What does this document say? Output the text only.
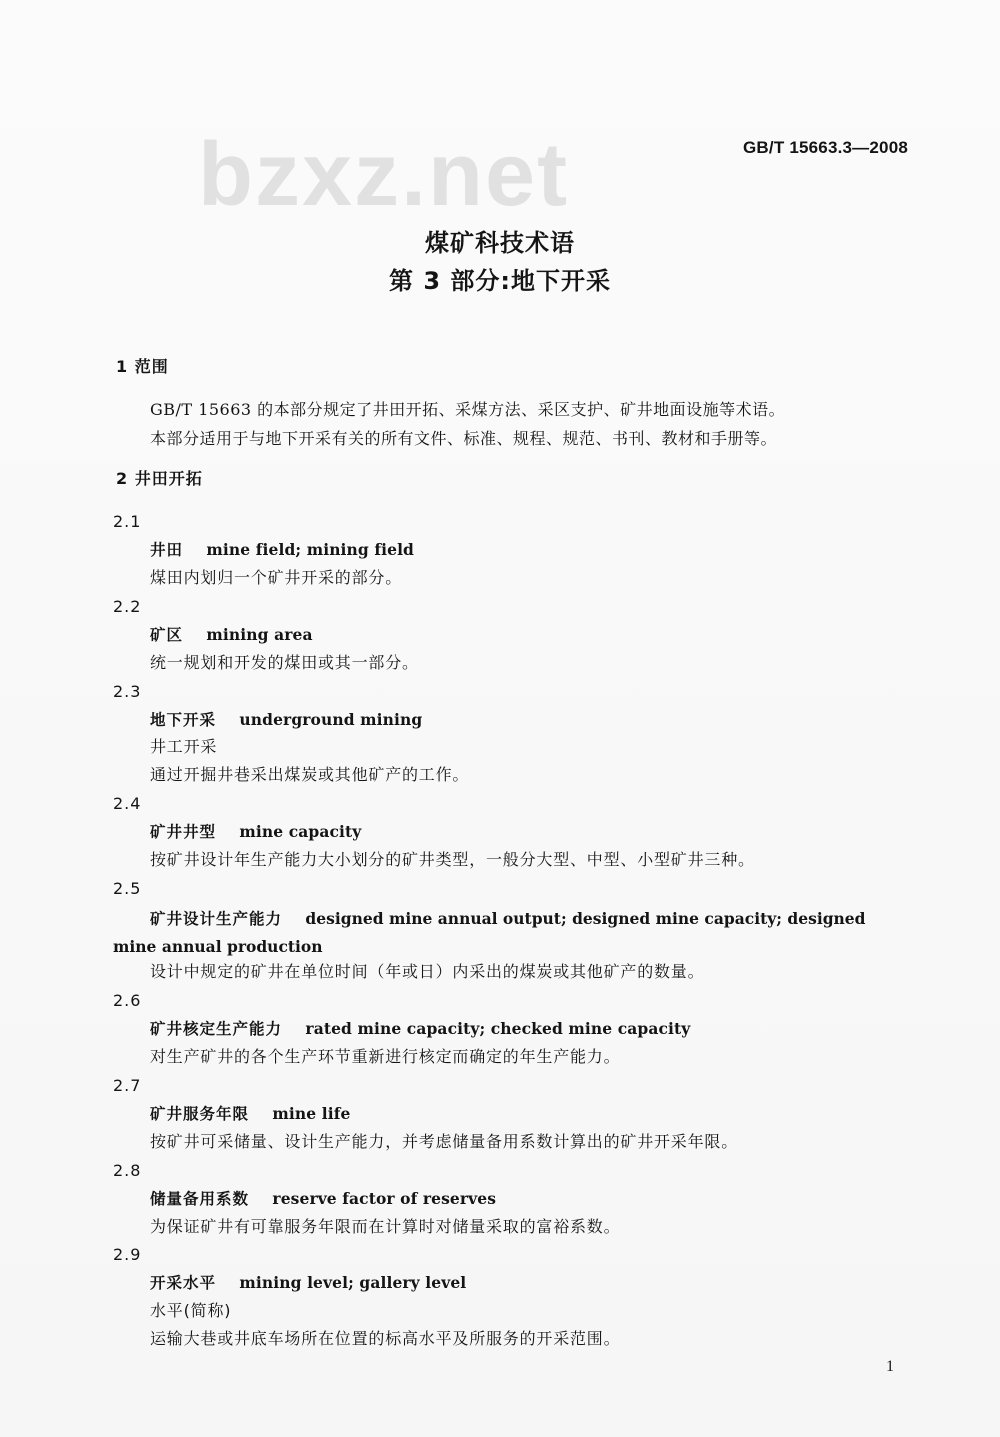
bzxz.net	GB/T 15663.3—2008
煤矿科技术语
第 3 部分:地下开采
1 范围
GB/T 15663 的本部分规定了井田开拓、采煤方法、采区支护、矿井地面设施等术语。
本部分适用于与地下开采有关的所有文件、标准、规程、规范、书刊、教材和手册等。
2 井田开拓
2.1
井田 mine field; mining field
煤田内划归一个矿井开采的部分。
2.2
矿区 mining area
统一规划和开发的煤田或其一部分。
2.3
地下开采 underground mining
井工开采
通过开掘井巷采出煤炭或其他矿产的工作。
2.4
矿井井型 mine capacity
按矿井设计年生产能力大小划分的矿井类型，一般分大型、中型、小型矿井三种。
2.5
矿井设计生产能力 designed mine annual output; designed mine capacity; designed mine annual production
设计中规定的矿井在单位时间（年或日）内采出的煤炭或其他矿产的数量。
2.6
矿井核定生产能力 rated mine capacity; checked mine capacity
对生产矿井的各个生产环节重新进行核定而确定的年生产能力。
2.7
矿井服务年限 mine life
按矿井可采储量、设计生产能力，并考虑储量备用系数计算出的矿井开采年限。
2.8
储量备用系数 reserve factor of reserves
为保证矿井有可靠服务年限而在计算时对储量采取的富裕系数。
2.9
开采水平 mining level; gallery level
水平(简称)
运输大巷或井底车场所在位置的标高水平及所服务的开采范围。
1
